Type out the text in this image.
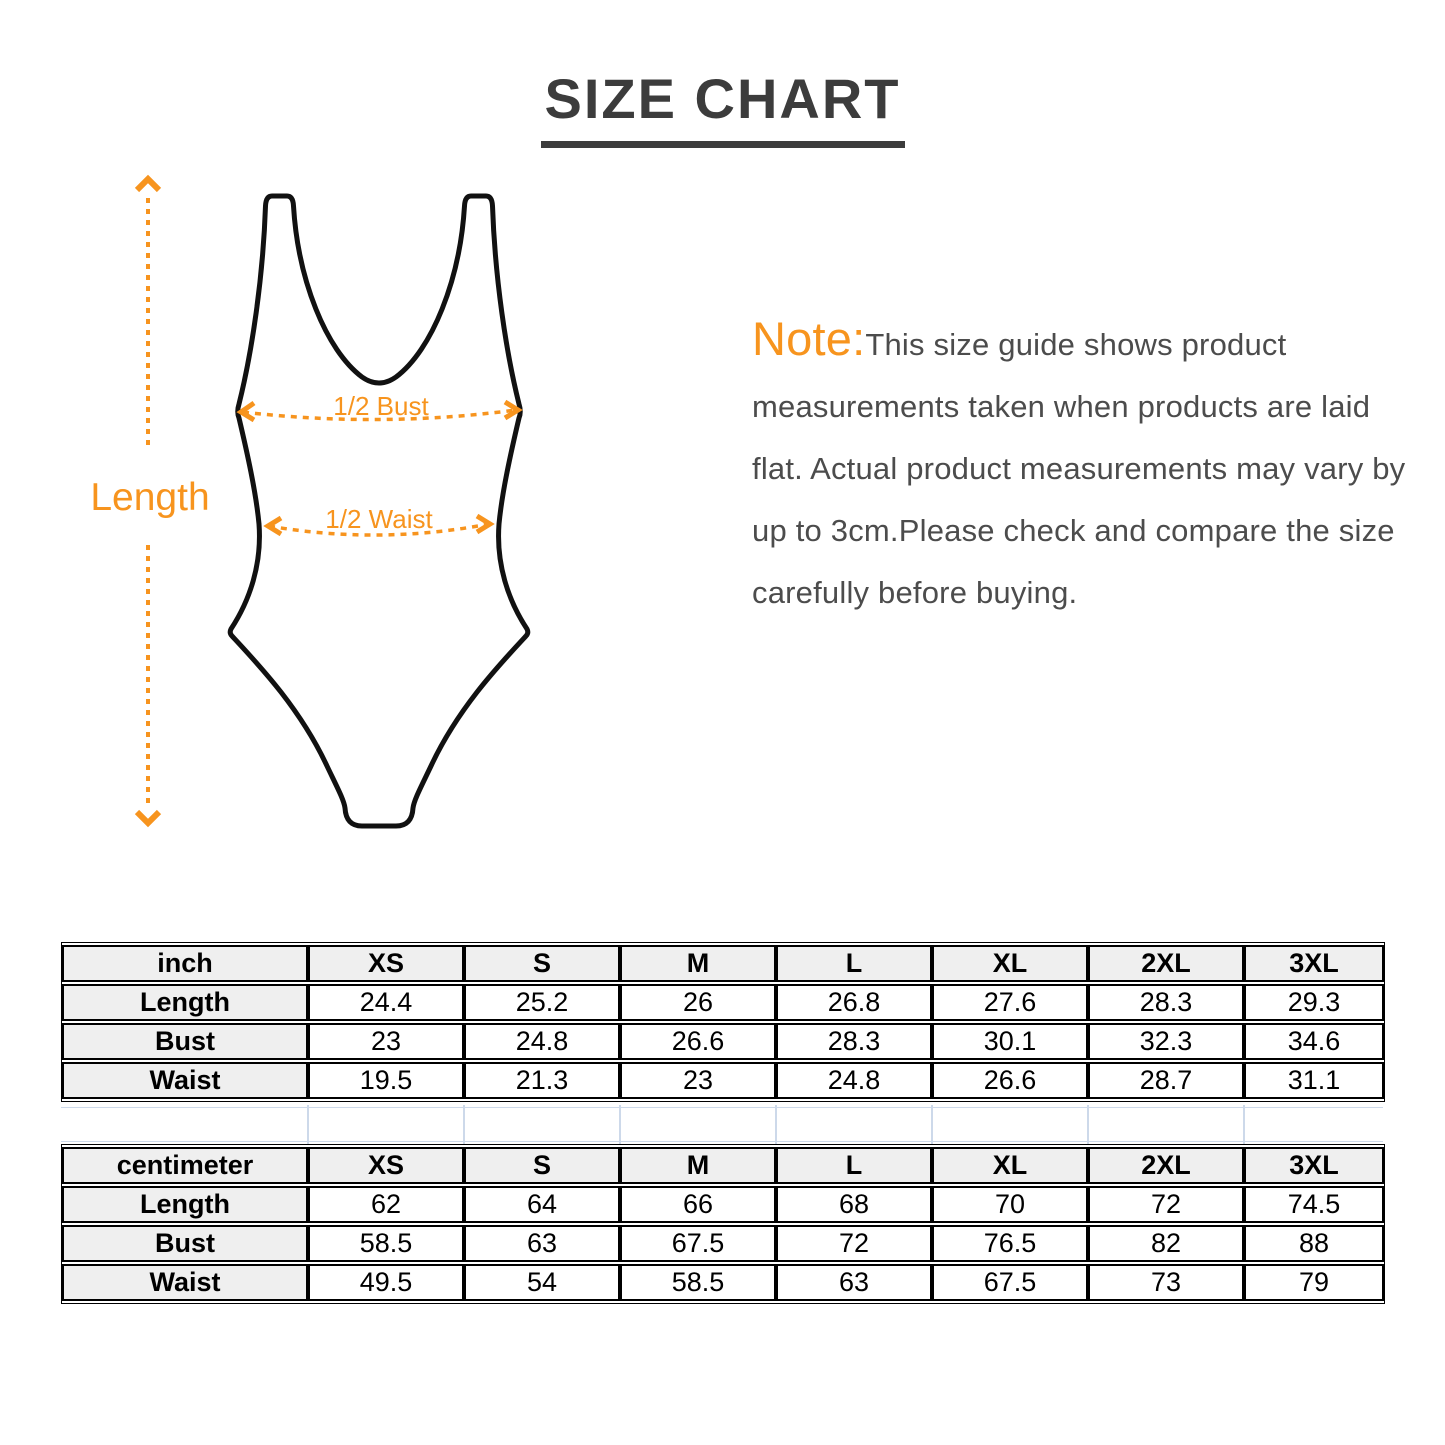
SIZE CHART
Length
1/2 Bust
1/2 Waist
Note:This size guide shows product measurements taken when products are laid flat. Actual product measurements may vary by up to 3cm.Please check and compare the size carefully before buying.
inch	XS	S	M	L	XL	2XL	3XL
Length	24.4	25.2	26	26.8	27.6	28.3	29.3
Bust	23	24.8	26.6	28.3	30.1	32.3	34.6
Waist	19.5	21.3	23	24.8	26.6	28.7	31.1
centimeter	XS	S	M	L	XL	2XL	3XL
Length	62	64	66	68	70	72	74.5
Bust	58.5	63	67.5	72	76.5	82	88
Waist	49.5	54	58.5	63	67.5	73	79
